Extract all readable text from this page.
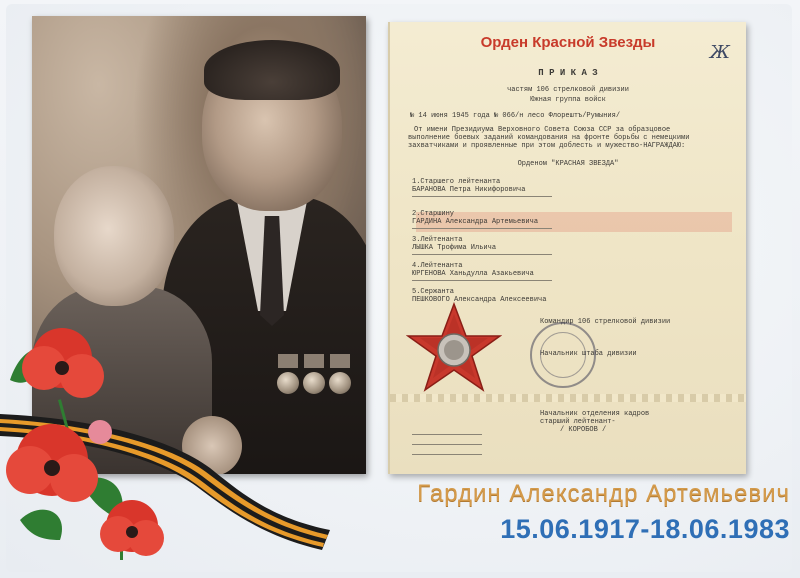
Орден Красной Звезды	Ж
П Р И К А З
частям 106 стрелковой дивизии
Южная группа войск
№ 14 июня 1945 года № 066/н лесо Флорештъ/Румыния/
От имени Президиума Верховного Совета Союза ССР за образцовое
выполнение боевых заданий командования на фронте борьбы с немецкими
захватчиками и проявленные при этом доблесть и мужество-НАГРАЖДАЮ:
Орденом "КРАСНАЯ ЗВЕЗДА"
1.Старшего лейтенанта
БАРАНОВА Петра Никифоровича
2.Старшину
ГАРДИНА Александра Артемьевича
3.Лейтенанта
ЛЫШКА Трофима Ильича
4.Лейтенанта
ЮРГЕНОВА Ханьдулла Азакьевича
5.Сержанта
ПЕШКОВОГО Александра Алексеевича
Командир 106 стрелковой дивизии
Начальник штаба дивизии
Начальник отделения кадров
старший лейтенант-
/ КОРОБОВ /
Гардин Александр Артемьевич
15.06.1917-18.06.1983
